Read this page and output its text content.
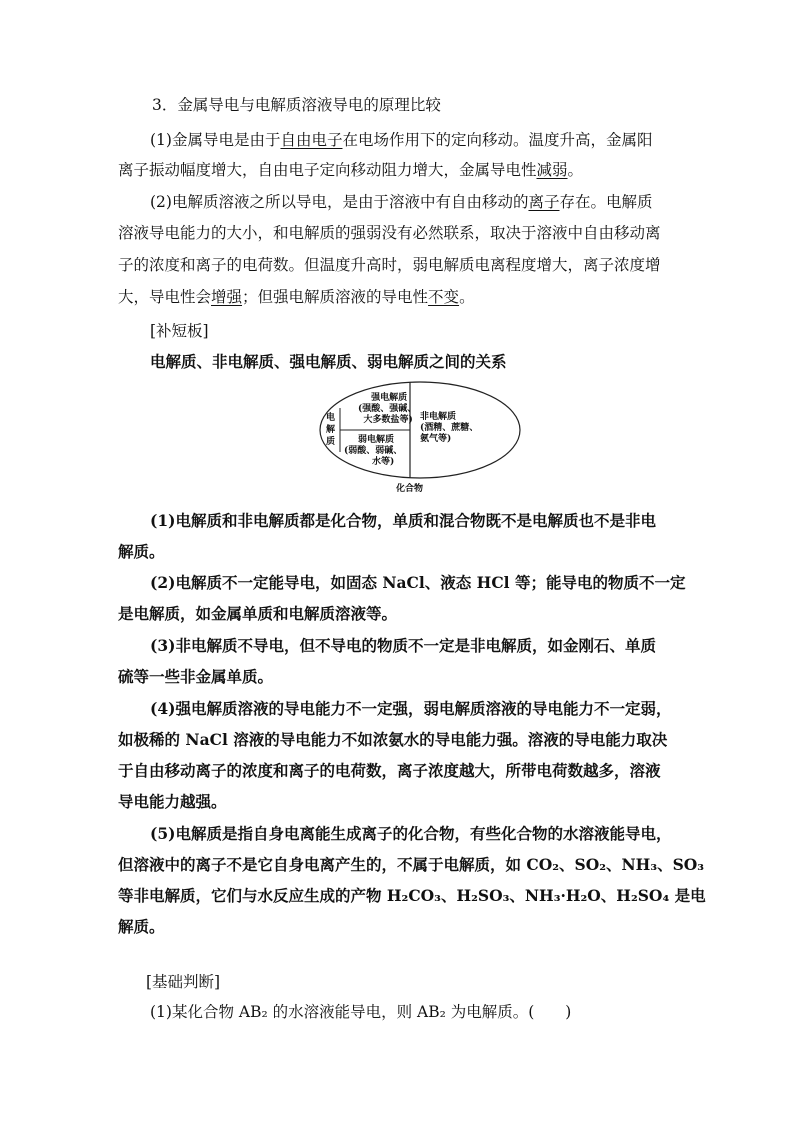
3．金属导电与电解质溶液导电的原理比较
(1)金属导电是由于自由电子在电场作用下的定向移动。温度升高，金属阳
离子振动幅度增大，自由电子定向移动阻力增大，金属导电性减弱。
(2)电解质溶液之所以导电，是由于溶液中有自由移动的离子存在。电解质
溶液导电能力的大小，和电解质的强弱没有必然联系，取决于溶液中自由移动离
子的浓度和离子的电荷数。但温度升高时，弱电解质电离程度增大，离子浓度增
大，导电性会增强；但强电解质溶液的导电性不变。
[补短板]
电解质、非电解质、强电解质、弱电解质之间的关系
电解质
强电解质
(强酸、强碱、
大多数盐等)
弱电解质
(弱酸、弱碱、
水等)
非电解质
(酒精、蔗糖、
氨气等)
化合物
(1)电解质和非电解质都是化合物，单质和混合物既不是电解质也不是非电
解质。
(2)电解质不一定能导电，如固态 NaCl、液态 HCl 等；能导电的物质不一定
是电解质，如金属单质和电解质溶液等。
(3)非电解质不导电，但不导电的物质不一定是非电解质，如金刚石、单质
硫等一些非金属单质。
(4)强电解质溶液的导电能力不一定强，弱电解质溶液的导电能力不一定弱，
如极稀的 NaCl 溶液的导电能力不如浓氨水的导电能力强。溶液的导电能力取决
于自由移动离子的浓度和离子的电荷数，离子浓度越大，所带电荷数越多，溶液
导电能力越强。
(5)电解质是指自身电离能生成离子的化合物，有些化合物的水溶液能导电，
但溶液中的离子不是它自身电离产生的，不属于电解质，如 CO₂、SO₂、NH₃、SO₃
等非电解质，它们与水反应生成的产物 H₂CO₃、H₂SO₃、NH₃·H₂O、H₂SO₄ 是电
解质。
[基础判断]
(1)某化合物 AB₂ 的水溶液能导电，则 AB₂ 为电解质。(　　)
